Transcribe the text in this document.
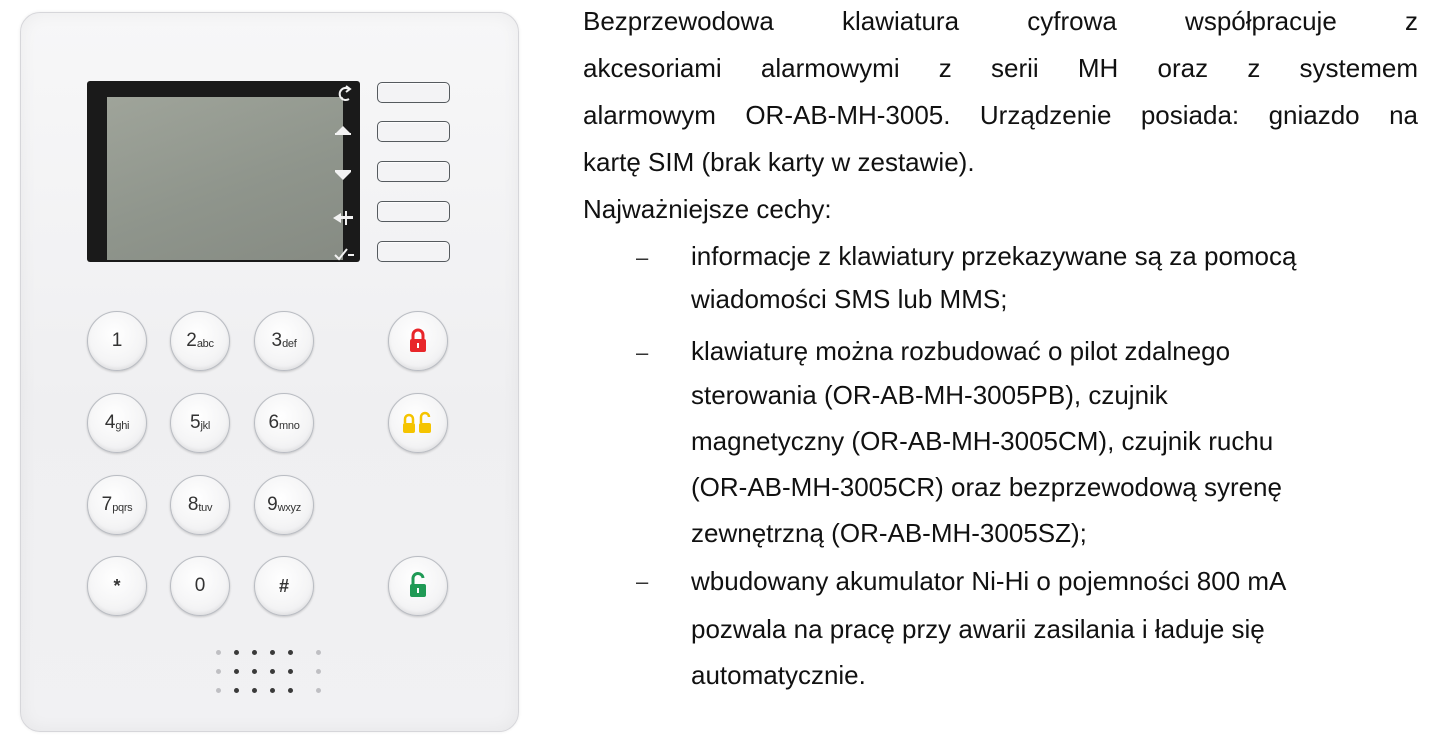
1	2 abc	3 def
4 ghi	5 jkl	6 mno
7 pqrs	8 tuv	9 wxyz
*	0	#
Bezprzewodowa klawiatura cyfrowa współpracuje z
akcesoriami alarmowymi z serii MH oraz z systemem
alarmowym OR-AB-MH-3005. Urządzenie posiada: gniazdo na
kartę SIM (brak karty w zestawie).
Najważniejsze cechy:
– informacje z klawiatury przekazywane są za pomocą
wiadomości SMS lub MMS;
– klawiaturę można rozbudować o pilot zdalnego
sterowania (OR-AB-MH-3005PB), czujnik
magnetyczny (OR-AB-MH-3005CM), czujnik ruchu
(OR-AB-MH-3005CR) oraz bezprzewodową syrenę
zewnętrzną (OR-AB-MH-3005SZ);
– wbudowany akumulator Ni-Hi o pojemności 800 mA
pozwala na pracę przy awarii zasilania i ładuje się
automatycznie.
